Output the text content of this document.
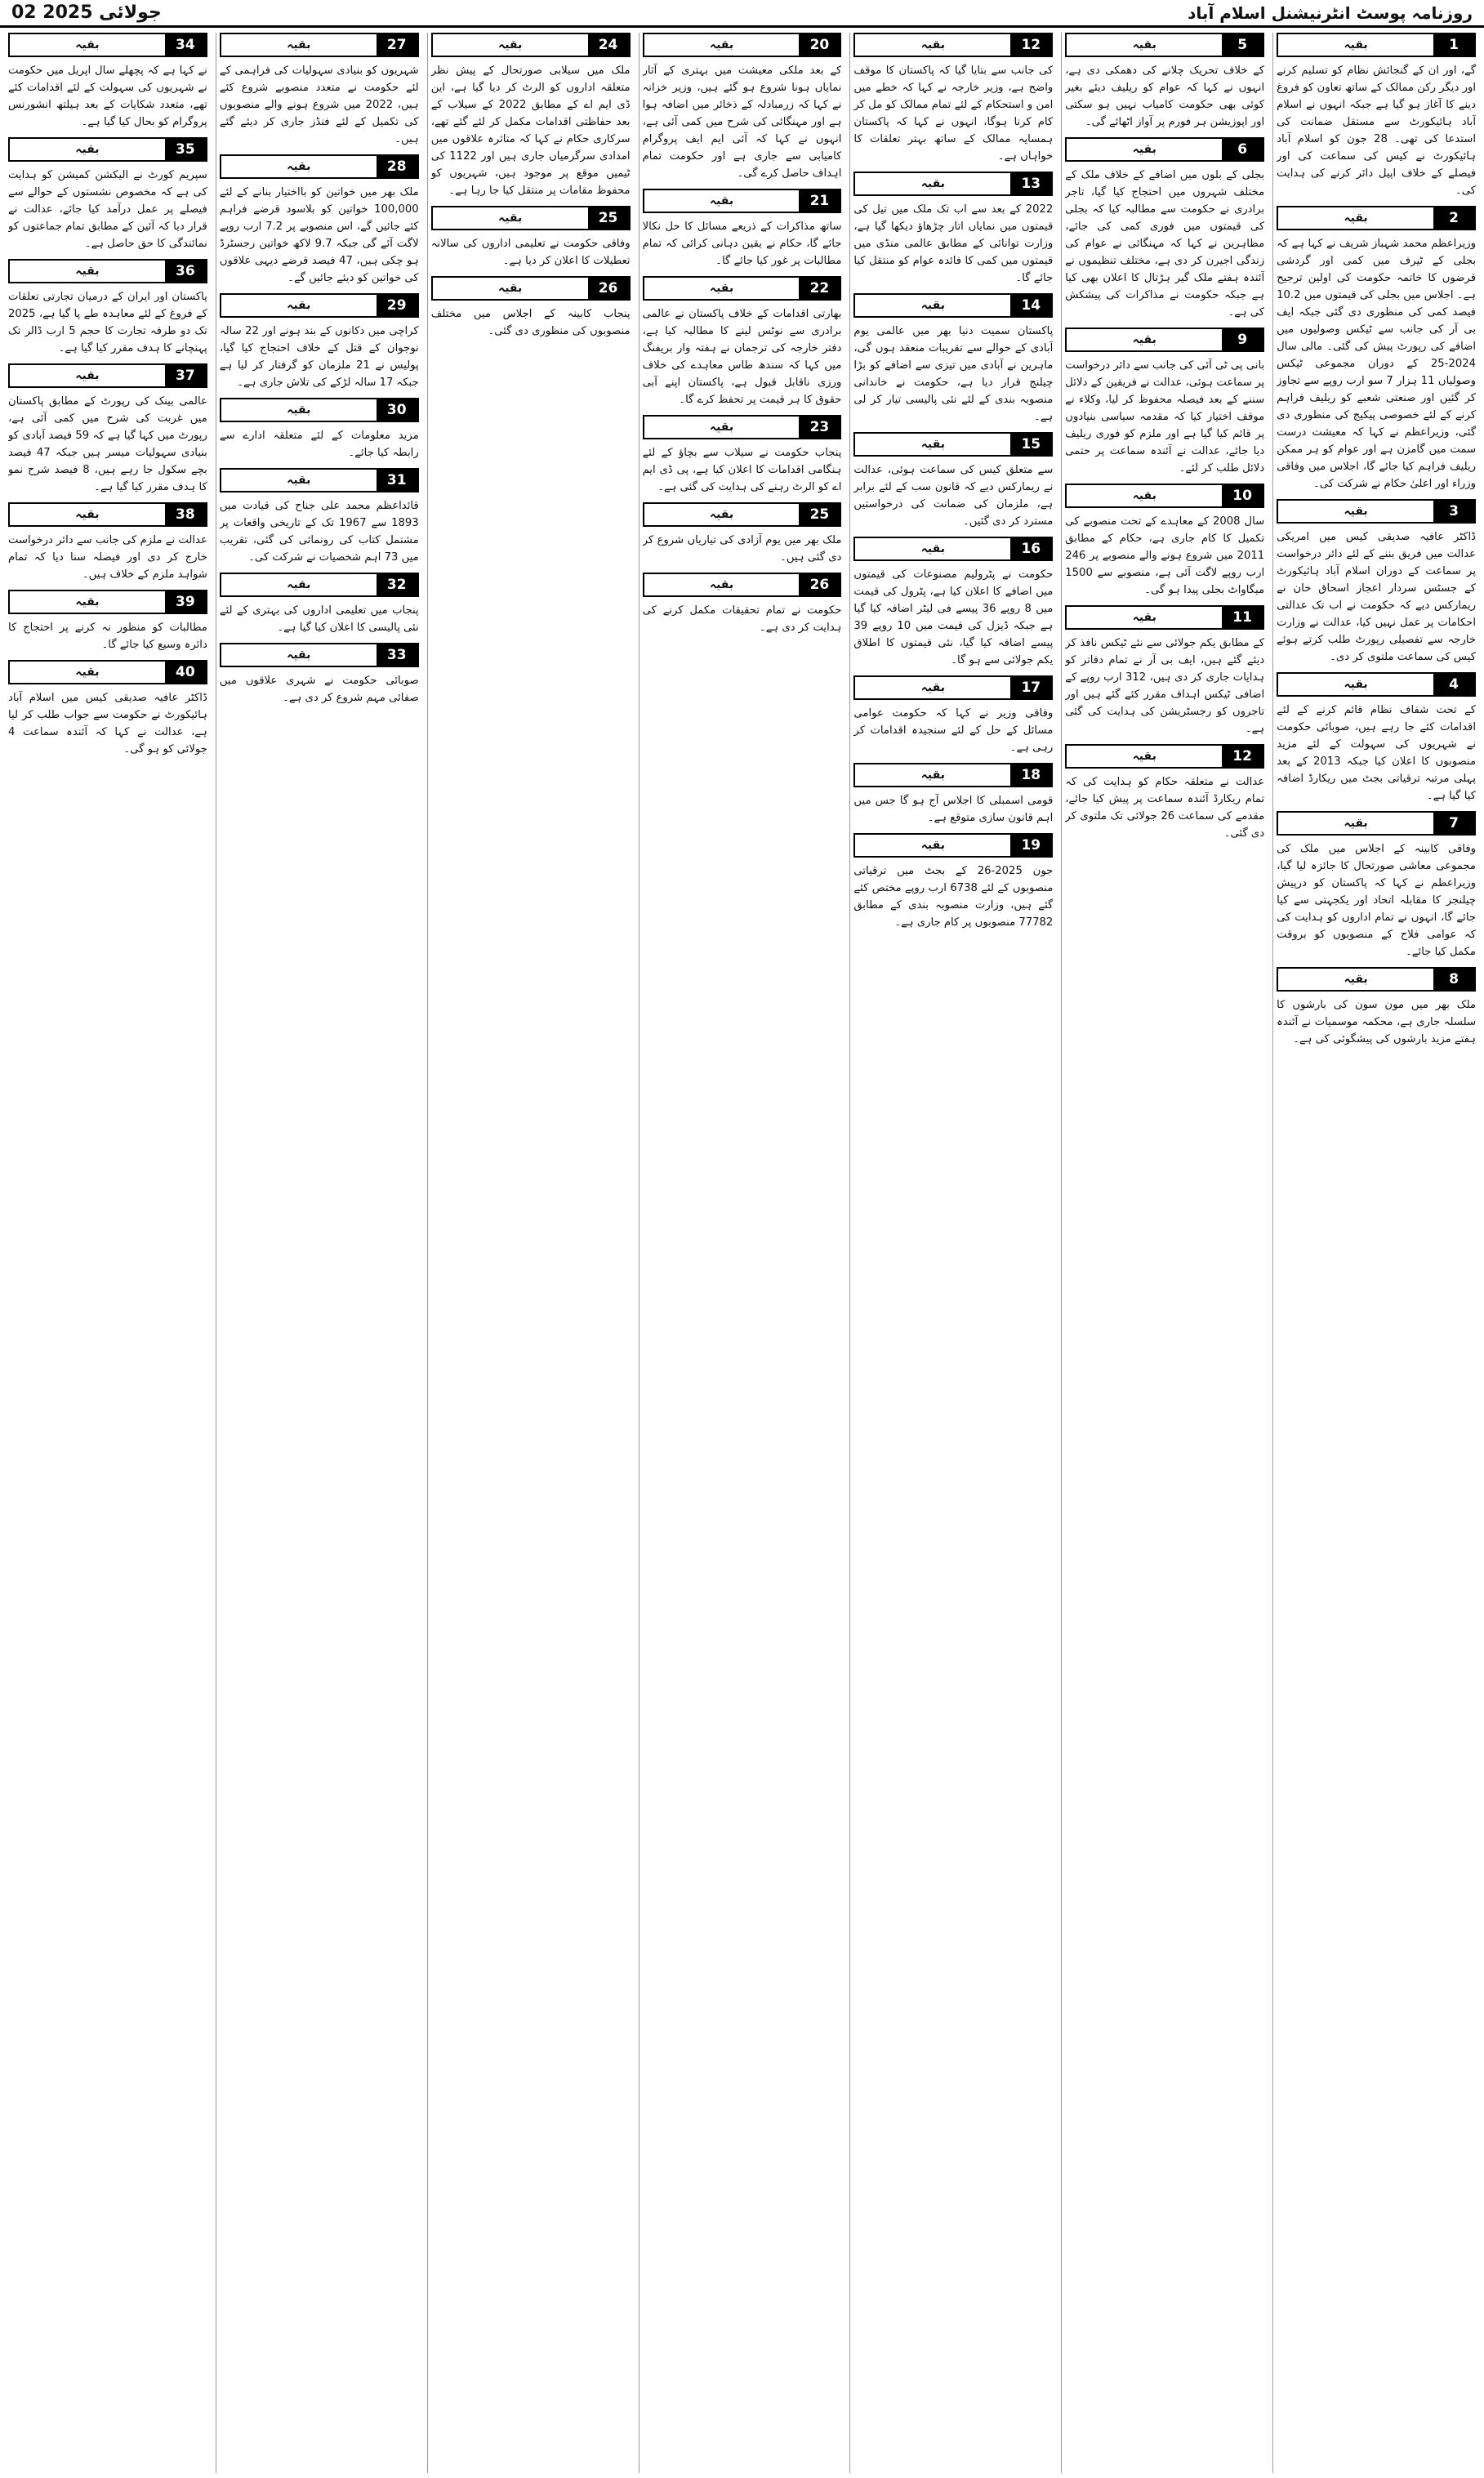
02 جولائی 2025	روزنامہ پوسٹ انٹرنیشنل اسلام آباد
بقیہ	1
گے، اور ان کے گنجائش نظام کو تسلیم کرنے اور دیگر رکن ممالک کے ساتھ تعاون کو فروغ دینے کا آغاز ہو گیا ہے جبکہ انہوں نے اسلام آباد ہائیکورٹ سے مستقل ضمانت کی استدعا کی تھی۔ 28 جون کو اسلام آباد ہائیکورٹ نے کیس کی سماعت کی اور فیصلے کے خلاف اپیل دائر کرنے کی ہدایت کی۔
بقیہ	2
وزیراعظم محمد شہباز شریف نے کہا ہے کہ بجلی کے ٹیرف میں کمی اور گردشی قرضوں کا خاتمہ حکومت کی اولین ترجیح ہے۔ اجلاس میں بجلی کی قیمتوں میں 10.2 فیصد کمی کی منظوری دی گئی جبکہ ایف بی آر کی جانب سے ٹیکس وصولیوں میں اضافے کی رپورٹ پیش کی گئی۔ مالی سال 2024-25 کے دوران مجموعی ٹیکس وصولیاں 11 ہزار 7 سو ارب روپے سے تجاوز کر گئیں اور صنعتی شعبے کو ریلیف فراہم کرنے کے لئے خصوصی پیکیج کی منظوری دی گئی، وزیراعظم نے کہا کہ معیشت درست سمت میں گامزن ہے اور عوام کو ہر ممکن ریلیف فراہم کیا جائے گا، اجلاس میں وفاقی وزراء اور اعلیٰ حکام نے شرکت کی۔
بقیہ	3
ڈاکٹر عافیہ صدیقی کیس میں امریکی عدالت میں فریق بننے کے لئے دائر درخواست پر سماعت کے دوران اسلام آباد ہائیکورٹ کے جسٹس سردار اعجاز اسحاق خان نے ریمارکس دیے کہ حکومت نے اب تک عدالتی احکامات پر عمل نہیں کیا، عدالت نے وزارت خارجہ سے تفصیلی رپورٹ طلب کرتے ہوئے کیس کی سماعت ملتوی کر دی۔
بقیہ	4
کے تحت شفاف نظام قائم کرنے کے لئے اقدامات کئے جا رہے ہیں، صوبائی حکومت نے شہریوں کی سہولت کے لئے مزید منصوبوں کا اعلان کیا جبکہ 2013 کے بعد پہلی مرتبہ ترقیاتی بجٹ میں ریکارڈ اضافہ کیا گیا ہے۔
بقیہ	7
وفاقی کابینہ کے اجلاس میں ملک کی مجموعی معاشی صورتحال کا جائزہ لیا گیا، وزیراعظم نے کہا کہ پاکستان کو درپیش چیلنجز کا مقابلہ اتحاد اور یکجہتی سے کیا جائے گا، انہوں نے تمام اداروں کو ہدایت کی کہ عوامی فلاح کے منصوبوں کو بروقت مکمل کیا جائے۔
بقیہ	8
ملک بھر میں مون سون کی بارشوں کا سلسلہ جاری ہے، محکمہ موسمیات نے آئندہ ہفتے مزید بارشوں کی پیشگوئی کی ہے۔
بقیہ	5
کے خلاف تحریک چلانے کی دھمکی دی ہے، انہوں نے کہا کہ عوام کو ریلیف دیئے بغیر کوئی بھی حکومت کامیاب نہیں ہو سکتی اور اپوزیشن ہر فورم پر آواز اٹھائے گی۔
بقیہ	6
بجلی کے بلوں میں اضافے کے خلاف ملک کے مختلف شہروں میں احتجاج کیا گیا، تاجر برادری نے حکومت سے مطالبہ کیا کہ بجلی کی قیمتوں میں فوری کمی کی جائے، مظاہرین نے کہا کہ مہنگائی نے عوام کی زندگی اجیرن کر دی ہے، مختلف تنظیموں نے آئندہ ہفتے ملک گیر ہڑتال کا اعلان بھی کیا ہے جبکہ حکومت نے مذاکرات کی پیشکش کی ہے۔
بقیہ	9
بانی پی ٹی آئی کی جانب سے دائر درخواست پر سماعت ہوئی، عدالت نے فریقین کے دلائل سننے کے بعد فیصلہ محفوظ کر لیا، وکلاء نے موقف اختیار کیا کہ مقدمہ سیاسی بنیادوں پر قائم کیا گیا ہے اور ملزم کو فوری ریلیف دیا جائے، عدالت نے آئندہ سماعت پر حتمی دلائل طلب کر لئے۔
بقیہ	10
سال 2008 کے معاہدے کے تحت منصوبے کی تکمیل کا کام جاری ہے، حکام کے مطابق 2011 میں شروع ہونے والے منصوبے پر 246 ارب روپے لاگت آئی ہے، منصوبے سے 1500 میگاواٹ بجلی پیدا ہو گی۔
بقیہ	11
کے مطابق یکم جولائی سے نئے ٹیکس نافذ کر دیئے گئے ہیں، ایف بی آر نے تمام دفاتر کو ہدایات جاری کر دی ہیں، 312 ارب روپے کے اضافی ٹیکس اہداف مقرر کئے گئے ہیں اور تاجروں کو رجسٹریشن کی ہدایت کی گئی ہے۔
بقیہ	12
عدالت نے متعلقہ حکام کو ہدایت کی کہ تمام ریکارڈ آئندہ سماعت پر پیش کیا جائے، مقدمے کی سماعت 26 جولائی تک ملتوی کر دی گئی۔
بقیہ	12
کی جانب سے بتایا گیا کہ پاکستان کا موقف واضح ہے، وزیر خارجہ نے کہا کہ خطے میں امن و استحکام کے لئے تمام ممالک کو مل کر کام کرنا ہوگا، انہوں نے کہا کہ پاکستان ہمسایہ ممالک کے ساتھ بہتر تعلقات کا خواہاں ہے۔
بقیہ	13
2022 کے بعد سے اب تک ملک میں تیل کی قیمتوں میں نمایاں اتار چڑھاؤ دیکھا گیا ہے، وزارت توانائی کے مطابق عالمی منڈی میں قیمتوں میں کمی کا فائدہ عوام کو منتقل کیا جائے گا۔
بقیہ	14
پاکستان سمیت دنیا بھر میں عالمی یوم آبادی کے حوالے سے تقریبات منعقد ہوں گی، ماہرین نے آبادی میں تیزی سے اضافے کو بڑا چیلنج قرار دیا ہے، حکومت نے خاندانی منصوبہ بندی کے لئے نئی پالیسی تیار کر لی ہے۔
بقیہ	15
سے متعلق کیس کی سماعت ہوئی، عدالت نے ریمارکس دیے کہ قانون سب کے لئے برابر ہے، ملزمان کی ضمانت کی درخواستیں مسترد کر دی گئیں۔
بقیہ	16
حکومت نے پٹرولیم مصنوعات کی قیمتوں میں اضافے کا اعلان کیا ہے، پٹرول کی قیمت میں 8 روپے 36 پیسے فی لیٹر اضافہ کیا گیا ہے جبکہ ڈیزل کی قیمت میں 10 روپے 39 پیسے اضافہ کیا گیا، نئی قیمتوں کا اطلاق یکم جولائی سے ہو گا۔
بقیہ	17
وفاقی وزیر نے کہا کہ حکومت عوامی مسائل کے حل کے لئے سنجیدہ اقدامات کر رہی ہے۔
بقیہ	18
قومی اسمبلی کا اجلاس آج ہو گا جس میں اہم قانون سازی متوقع ہے۔
بقیہ	19
جون 2025-26 کے بجٹ میں ترقیاتی منصوبوں کے لئے 6738 ارب روپے مختص کئے گئے ہیں، وزارت منصوبہ بندی کے مطابق 77782 منصوبوں پر کام جاری ہے۔
بقیہ	20
کے بعد ملکی معیشت میں بہتری کے آثار نمایاں ہونا شروع ہو گئے ہیں، وزیر خزانہ نے کہا کہ زرمبادلہ کے ذخائر میں اضافہ ہوا ہے اور مہنگائی کی شرح میں کمی آئی ہے، انہوں نے کہا کہ آئی ایم ایف پروگرام کامیابی سے جاری ہے اور حکومت تمام اہداف حاصل کرے گی۔
بقیہ	21
ساتھ مذاکرات کے ذریعے مسائل کا حل نکالا جائے گا، حکام نے یقین دہانی کرائی کہ تمام مطالبات پر غور کیا جائے گا۔
بقیہ	22
بھارتی اقدامات کے خلاف پاکستان نے عالمی برادری سے نوٹس لینے کا مطالبہ کیا ہے، دفتر خارجہ کی ترجمان نے ہفتہ وار بریفنگ میں کہا کہ سندھ طاس معاہدے کی خلاف ورزی ناقابل قبول ہے، پاکستان اپنے آبی حقوق کا ہر قیمت پر تحفظ کرے گا۔
بقیہ	23
پنجاب حکومت نے سیلاب سے بچاؤ کے لئے ہنگامی اقدامات کا اعلان کیا ہے، پی ڈی ایم اے کو الرٹ رہنے کی ہدایت کی گئی ہے۔
بقیہ	25
ملک بھر میں یوم آزادی کی تیاریاں شروع کر دی گئی ہیں۔
بقیہ	26
حکومت نے تمام تحقیقات مکمل کرنے کی ہدایت کر دی ہے۔
بقیہ	24
ملک میں سیلابی صورتحال کے پیش نظر متعلقہ اداروں کو الرٹ کر دیا گیا ہے، این ڈی ایم اے کے مطابق 2022 کے سیلاب کے بعد حفاظتی اقدامات مکمل کر لئے گئے تھے، سرکاری حکام نے کہا کہ متاثرہ علاقوں میں امدادی سرگرمیاں جاری ہیں اور 1122 کی ٹیمیں موقع پر موجود ہیں، شہریوں کو محفوظ مقامات پر منتقل کیا جا رہا ہے۔
بقیہ	25
وفاقی حکومت نے تعلیمی اداروں کی سالانہ تعطیلات کا اعلان کر دیا ہے۔
بقیہ	26
پنجاب کابینہ کے اجلاس میں مختلف منصوبوں کی منظوری دی گئی۔
بقیہ	27
شہریوں کو بنیادی سہولیات کی فراہمی کے لئے حکومت نے متعدد منصوبے شروع کئے ہیں، 2022 میں شروع ہونے والے منصوبوں کی تکمیل کے لئے فنڈز جاری کر دیئے گئے ہیں۔
بقیہ	28
ملک بھر میں خواتین کو بااختیار بنانے کے لئے 100,000 خواتین کو بلاسود قرضے فراہم کئے جائیں گے، اس منصوبے پر 7.2 ارب روپے لاگت آئے گی جبکہ 9.7 لاکھ خواتین رجسٹرڈ ہو چکی ہیں، 47 فیصد قرضے دیہی علاقوں کی خواتین کو دیئے جائیں گے۔
بقیہ	29
کراچی میں دکانوں کے بند ہونے اور 22 سالہ نوجوان کے قتل کے خلاف احتجاج کیا گیا، پولیس نے 21 ملزمان کو گرفتار کر لیا ہے جبکہ 17 سالہ لڑکے کی تلاش جاری ہے۔
بقیہ	30
مزید معلومات کے لئے متعلقہ ادارے سے رابطہ کیا جائے۔
بقیہ	31
قائداعظم محمد علی جناح کی قیادت میں 1893 سے 1967 تک کے تاریخی واقعات پر مشتمل کتاب کی رونمائی کی گئی، تقریب میں 73 اہم شخصیات نے شرکت کی۔
بقیہ	32
پنجاب میں تعلیمی اداروں کی بہتری کے لئے نئی پالیسی کا اعلان کیا گیا ہے۔
بقیہ	33
صوبائی حکومت نے شہری علاقوں میں صفائی مہم شروع کر دی ہے۔
بقیہ	34
نے کہا ہے کہ پچھلے سال اپریل میں حکومت نے شہریوں کی سہولت کے لئے اقدامات کئے تھے، متعدد شکایات کے بعد ہیلتھ انشورنس پروگرام کو بحال کیا گیا ہے۔
بقیہ	35
سپریم کورٹ نے الیکشن کمیشن کو ہدایت کی ہے کہ مخصوص نشستوں کے حوالے سے فیصلے پر عمل درآمد کیا جائے، عدالت نے قرار دیا کہ آئین کے مطابق تمام جماعتوں کو نمائندگی کا حق حاصل ہے۔
بقیہ	36
پاکستان اور ایران کے درمیان تجارتی تعلقات کے فروغ کے لئے معاہدہ طے پا گیا ہے، 2025 تک دو طرفہ تجارت کا حجم 5 ارب ڈالر تک پہنچانے کا ہدف مقرر کیا گیا ہے۔
بقیہ	37
عالمی بینک کی رپورٹ کے مطابق پاکستان میں غربت کی شرح میں کمی آئی ہے، رپورٹ میں کہا گیا ہے کہ 59 فیصد آبادی کو بنیادی سہولیات میسر ہیں جبکہ 47 فیصد بچے سکول جا رہے ہیں، 8 فیصد شرح نمو کا ہدف مقرر کیا گیا ہے۔
بقیہ	38
عدالت نے ملزم کی جانب سے دائر درخواست خارج کر دی اور فیصلہ سنا دیا کہ تمام شواہد ملزم کے خلاف ہیں۔
بقیہ	39
مطالبات کو منظور نہ کرنے پر احتجاج کا دائرہ وسیع کیا جائے گا۔
بقیہ	40
ڈاکٹر عافیہ صدیقی کیس میں اسلام آباد ہائیکورٹ نے حکومت سے جواب طلب کر لیا ہے، عدالت نے کہا کہ آئندہ سماعت 4 جولائی کو ہو گی۔
